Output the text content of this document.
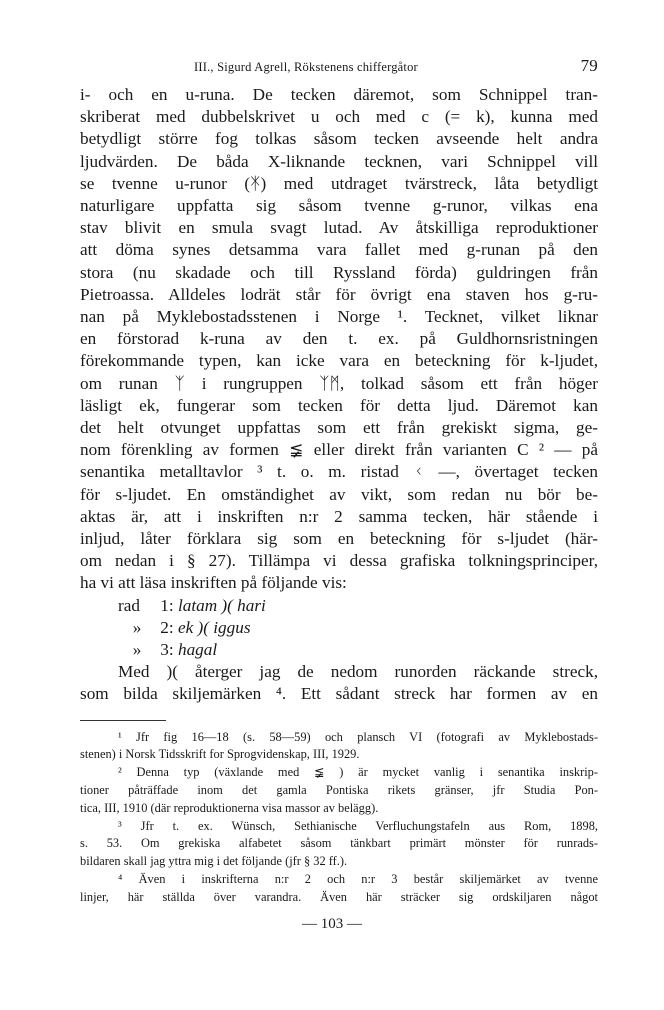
III., Sigurd Agrell, Rökstenens chiffergåtor	79
i- och en u-runa. De tecken däremot, som Schnippel tran-
skriberat med dubbelskrivet u och med c (= k), kunna med
betydligt större fog tolkas såsom tecken avseende helt andra
ljudvärden. De båda X-liknande tecknen, vari Schnippel vill
se tvenne u-runor (ᛡ) med utdraget tvärstreck, låta betydligt
naturligare uppfatta sig såsom tvenne g-runor, vilkas ena
stav blivit en smula svagt lutad. Av åtskilliga reproduktioner
att döma synes detsamma vara fallet med g-runan på den
stora (nu skadade och till Ryssland förda) guldringen från
Pietroassa. Alldeles lodrät står för övrigt ena staven hos g-ru-
nan på Myklebostadsstenen i Norge ¹. Tecknet, vilket liknar
en förstorad k-runa av den t. ex. på Guldhornsristningen
förekommande typen, kan icke vara en beteckning för k-ljudet,
om runan ᛉ i rungruppen ᛉᛗ, tolkad såsom ett från höger
läsligt ek, fungerar som tecken för detta ljud. Däremot kan
det helt otvunget uppfattas som ett från grekiskt sigma, ge-
nom förenkling av formen ≨ eller direkt från varianten C ² — på
senantika metalltavlor ³ t. o. m. ristad ᚲ —, övertaget tecken
för s-ljudet. En omständighet av vikt, som redan nu bör be-
aktas är, att i inskriften n:r 2 samma tecken, här stående i
inljud, låter förklara sig som en beteckning för s-ljudet (här-
om nedan i § 27). Tillämpa vi dessa grafiska tolkningsprinciper,
ha vi att läsa inskriften på följande vis:
rad 1: latam )( hari
» 2: ek )( iggus
» 3: hagal
Med )( återger jag de nedom runorden räckande streck,
som bilda skiljemärken ⁴. Ett sådant streck har formen av en
¹ Jfr fig 16—18 (s. 58—59) och plansch VI (fotografi av Myklebostads-
stenen) i Norsk Tidsskrift for Sprogvidenskap, III, 1929.
² Denna typ (växlande med ≨ ) är mycket vanlig i senantika inskrip-
tioner påträffade inom det gamla Pontiska rikets gränser, jfr Studia Pon-
tica, III, 1910 (där reproduktionerna visa massor av belägg).
³ Jfr t. ex. Wünsch, Sethianische Verfluchungstafeln aus Rom, 1898,
s. 53. Om grekiska alfabetet såsom tänkbart primärt mönster för runrads-
bildaren skall jag yttra mig i det följande (jfr § 32 ff.).
⁴ Även i inskrifterna n:r 2 och n:r 3 består skiljemärket av tvenne
linjer, här ställda över varandra. Även här sträcker sig ordskiljaren något
— 103 —
